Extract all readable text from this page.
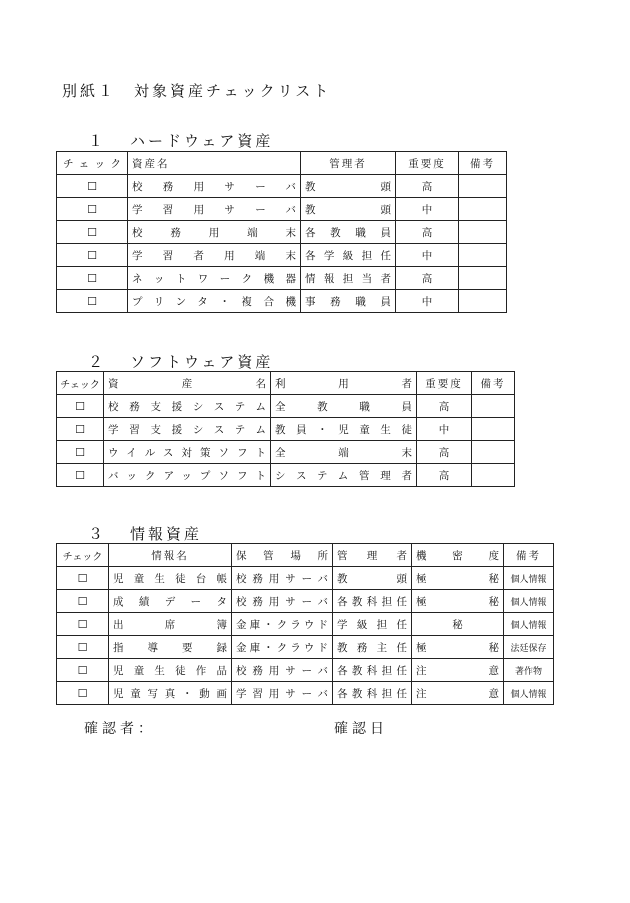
別紙１ 対象資産チェックリスト
１ ハードウェア資産
チェック	資産名	管理者	重要度	備考
☐	校務用サーバ	教頭	高	
☐	学習用サーバ	教頭	中	
☐	校務用端末	各教職員	高	
☐	学習者用端末	各学級担任	中	
☐	ネットワーク機器	情報担当者	高	
☐	プリンタ・複合機	事務職員	中	
２ ソフトウェア資産
チェック	資産名	利用者	重要度	備考
☐	校務支援システム	全教職員	高	
☐	学習支援システム	教員・児童生徒	中	
☐	ウイルス対策ソフト	全端末	高	
☐	バックアップソフト	システム管理者	高	
３ 情報資産
チェック	情報名	保管場所	管理者	機密度	備考
☐	児童生徒台帳	校務用サーバ	教頭	極秘	個人情報
☐	成績データ	校務用サーバ	各教科担任	極秘	個人情報
☐	出席簿	金庫・クラウド	学級担任	秘	個人情報
☐	指導要録	金庫・クラウド	教務主任	極秘	法廷保存
☐	児童生徒作品	校務用サーバ	各教科担任	注意	著作物
☐	児童写真・動画	学習用サーバ	各教科担任	注意	個人情報
確認者：	確認日
